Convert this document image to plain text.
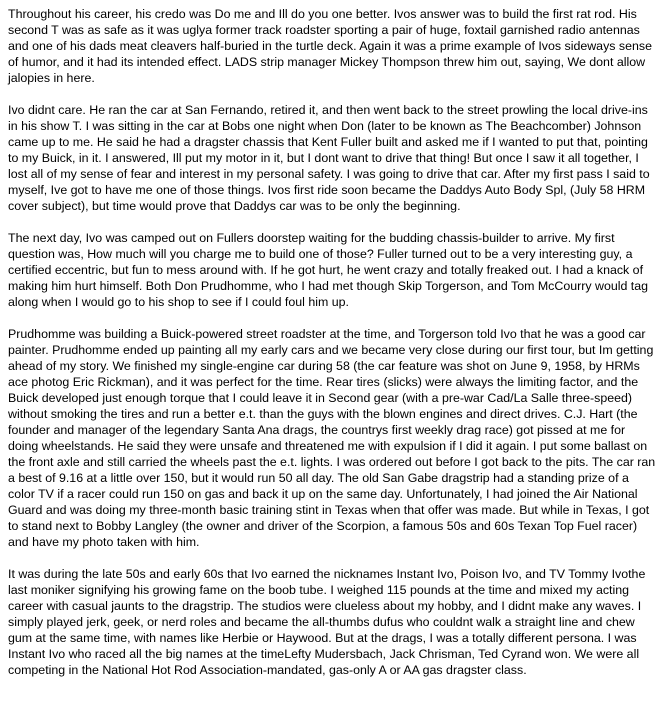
Throughout his career, his credo was Do me and Ill do you one better. Ivos answer was to build the first rat rod. His second T was as safe as it was uglya former track roadster sporting a pair of huge, foxtail garnished radio antennas and one of his dads meat cleavers half-buried in the turtle deck. Again it was a prime example of Ivos sideways sense of humor, and it had its intended effect. LADS strip manager Mickey Thompson threw him out, saying, We dont allow jalopies in here.

Ivo didnt care. He ran the car at San Fernando, retired it, and then went back to the street prowling the local drive-ins in his show T. I was sitting in the car at Bobs one night when Don (later to be known as The Beachcomber) Johnson came up to me. He said he had a dragster chassis that Kent Fuller built and asked me if I wanted to put that, pointing to my Buick, in it. I answered, Ill put my motor in it, but I dont want to drive that thing! But once I saw it all together, I lost all of my sense of fear and interest in my personal safety. I was going to drive that car. After my first pass I said to myself, Ive got to have me one of those things. Ivos first ride soon became the Daddys Auto Body Spl, (July 58 HRM cover subject), but time would prove that Daddys car was to be only the beginning.

The next day, Ivo was camped out on Fullers doorstep waiting for the budding chassis-builder to arrive. My first question was, How much will you charge me to build one of those? Fuller turned out to be a very interesting guy, a certified eccentric, but fun to mess around with. If he got hurt, he went crazy and totally freaked out. I had a knack of making him hurt himself. Both Don Prudhomme, who I had met though Skip Torgerson, and Tom McCourry would tag along when I would go to his shop to see if I could foul him up.

Prudhomme was building a Buick-powered street roadster at the time, and Torgerson told Ivo that he was a good car painter. Prudhomme ended up painting all my early cars and we became very close during our first tour, but Im getting ahead of my story. We finished my single-engine car during 58 (the car feature was shot on June 9, 1958, by HRMs ace photog Eric Rickman), and it was perfect for the time. Rear tires (slicks) were always the limiting factor, and the Buick developed just enough torque that I could leave it in Second gear (with a pre-war Cad/La Salle three-speed) without smoking the tires and run a better e.t. than the guys with the blown engines and direct drives. C.J. Hart (the founder and manager of the legendary Santa Ana drags, the countrys first weekly drag race) got pissed at me for doing wheelstands. He said they were unsafe and threatened me with expulsion if I did it again. I put some ballast on the front axle and still carried the wheels past the e.t. lights. I was ordered out before I got back to the pits. The car ran a best of 9.16 at a little over 150, but it would run 50 all day. The old San Gabe dragstrip had a standing prize of a color TV if a racer could run 150 on gas and back it up on the same day. Unfortunately, I had joined the Air National Guard and was doing my three-month basic training stint in Texas when that offer was made. But while in Texas, I got to stand next to Bobby Langley (the owner and driver of the Scorpion, a famous 50s and 60s Texan Top Fuel racer) and have my photo taken with him.

It was during the late 50s and early 60s that Ivo earned the nicknames Instant Ivo, Poison Ivo, and TV Tommy Ivothe last moniker signifying his growing fame on the boob tube. I weighed 115 pounds at the time and mixed my acting career with casual jaunts to the dragstrip. The studios were clueless about my hobby, and I didnt make any waves. I simply played jerk, geek, or nerd roles and became the all-thumbs dufus who couldnt walk a straight line and chew gum at the same time, with names like Herbie or Haywood. But at the drags, I was a totally different persona. I was Instant Ivo who raced all the big names at the timeLefty Mudersbach, Jack Chrisman, Ted Cyrand won. We were all competing in the National Hot Rod Association-mandated, gas-only A or AA gas dragster class.
